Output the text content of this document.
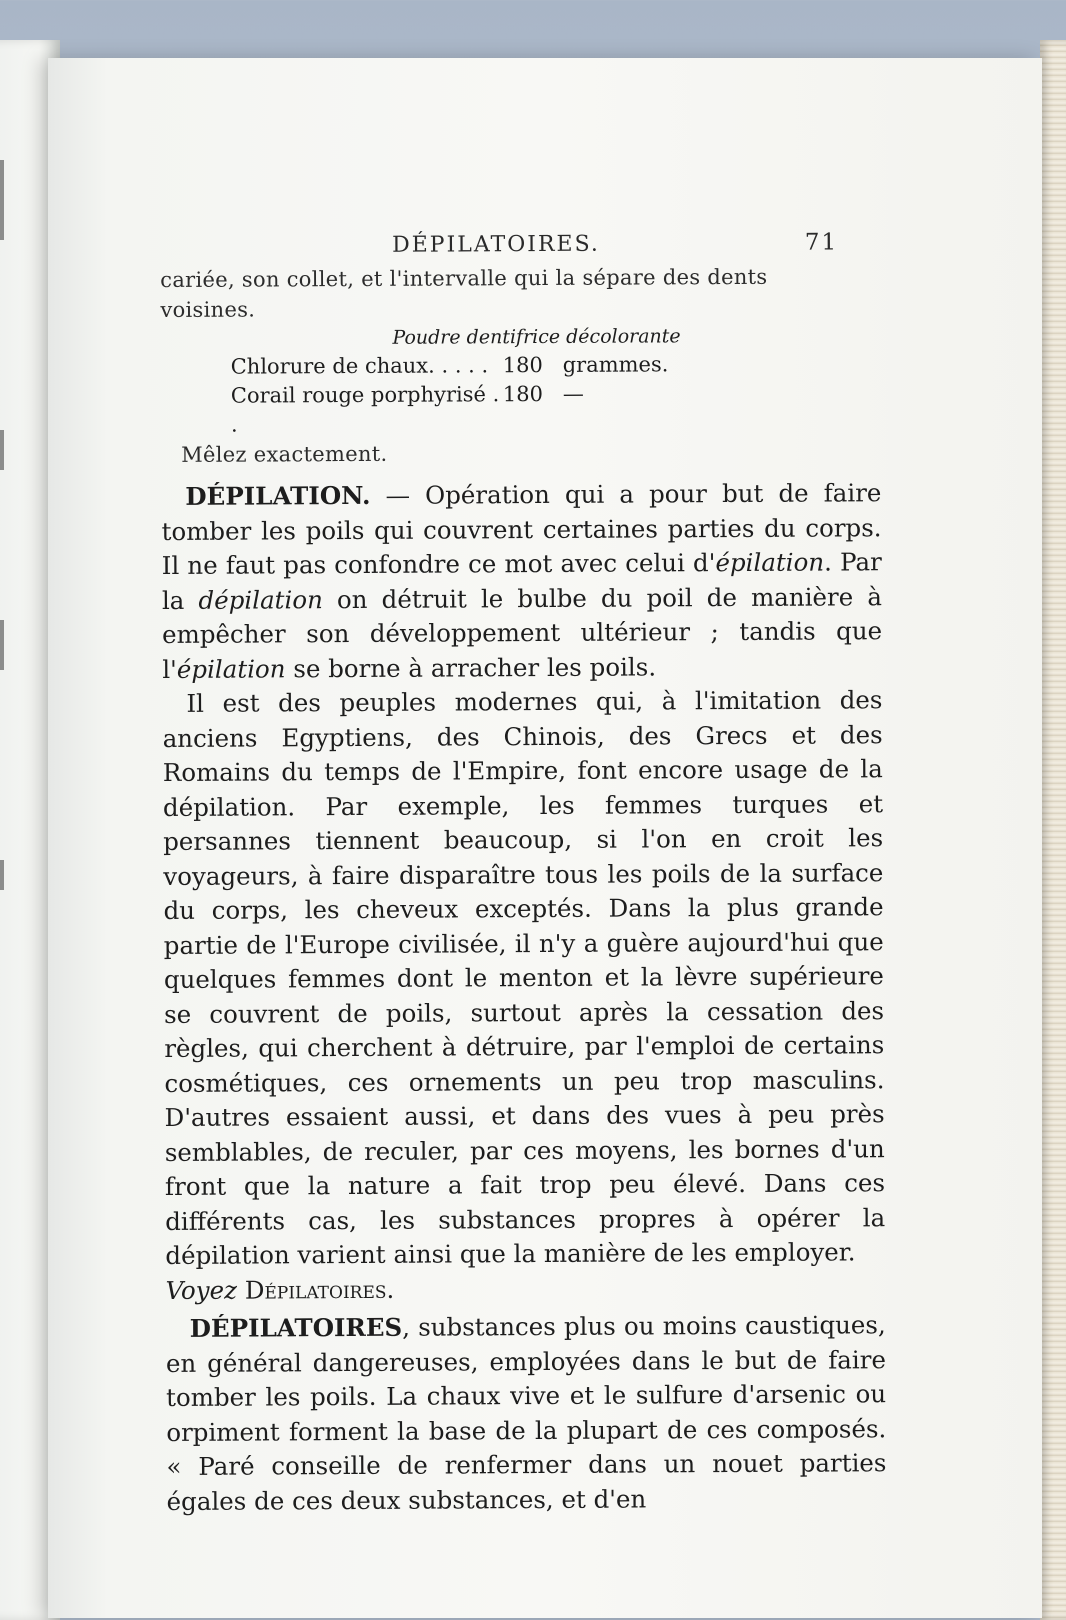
DÉPILATOIRES.	71
cariée, son collet, et l'intervalle qui la sépare des dents
voisines.
Poudre dentifrice décolorante
Chlorure de chaux. . . . . 180 grammes.
Corail rouge porphyrisé . .
180 —
Mêlez exactement.

DÉPILATION. — Opération qui a pour but de faire tomber les poils qui couvrent certaines parties du corps. Il ne faut pas confondre ce mot avec celui d'épilation. Par la dépilation on détruit le bulbe du poil de manière à empêcher son développement ultérieur ; tandis que l'épilation se borne à arracher les poils.

Il est des peuples modernes qui, à l'imitation des anciens Egyptiens, des Chinois, des Grecs et des Romains du temps de l'Empire, font encore usage de la dépilation. Par exemple, les femmes turques et persannes tiennent beaucoup, si l'on en croit les voyageurs, à faire disparaître tous les poils de la surface du corps, les cheveux exceptés. Dans la plus grande partie de l'Europe civilisée, il n'y a guère aujourd'hui que quelques femmes dont le menton et la lèvre supérieure se couvrent de poils, surtout après la cessation des règles, qui cherchent à détruire, par l'emploi de certains cosmétiques, ces ornements un peu trop masculins. D'autres essaient aussi, et dans des vues à peu près semblables, de reculer, par ces moyens, les bornes d'un front que la nature a fait trop peu élevé. Dans ces différents cas, les substances propres à opérer la dépilation varient ainsi que la manière de les employer.

Voyez Dépilatoires.

DÉPILATOIRES, substances plus ou moins caustiques, en général dangereuses, employées dans le but de faire tomber les poils. La chaux vive et le sulfure d'arsenic ou orpiment forment la base de la plupart de ces composés. « Paré conseille de renfermer dans un nouet parties égales de ces deux substances, et d'en
